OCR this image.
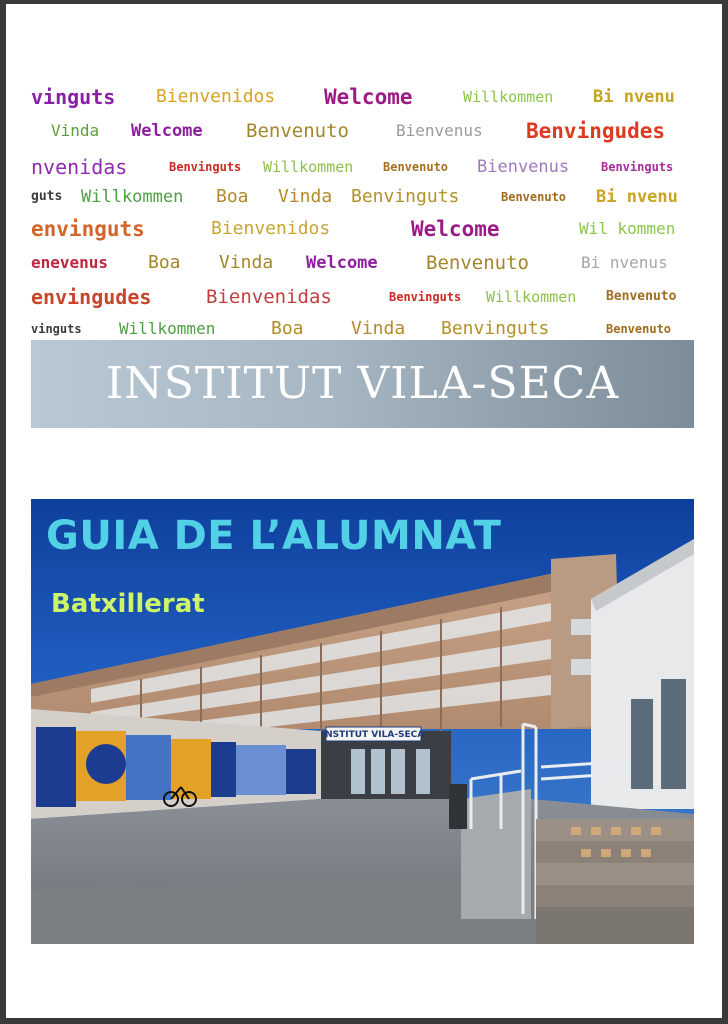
vinguts Bienvenidos Welcome	Willkommen Bi nvenu
Vinda Welcome Benvenuto	Bienvenus Benvingudes
nvenidas	Benvinguts Willkommen Benvenuto Bienvenus	Benvinguts
guts Willkommen Boa Vinda Benvinguts	Benvenuto Bi nvenu
envinguts	Bienvenidos	Welcome	Wil kommen
enevenus Boa Vinda Welcome	Benvenuto	Bi nvenus
envingudes	Bienvenidas	Benvinguts Willkommen Benvenuto
vinguts Willkommen	Boa	Vinda Benvinguts	Benvenuto
INSTITUT VILA-SECA
INSTITUT VILA-SECA
GUIA DE L’ALUMNAT
Batxillerat
